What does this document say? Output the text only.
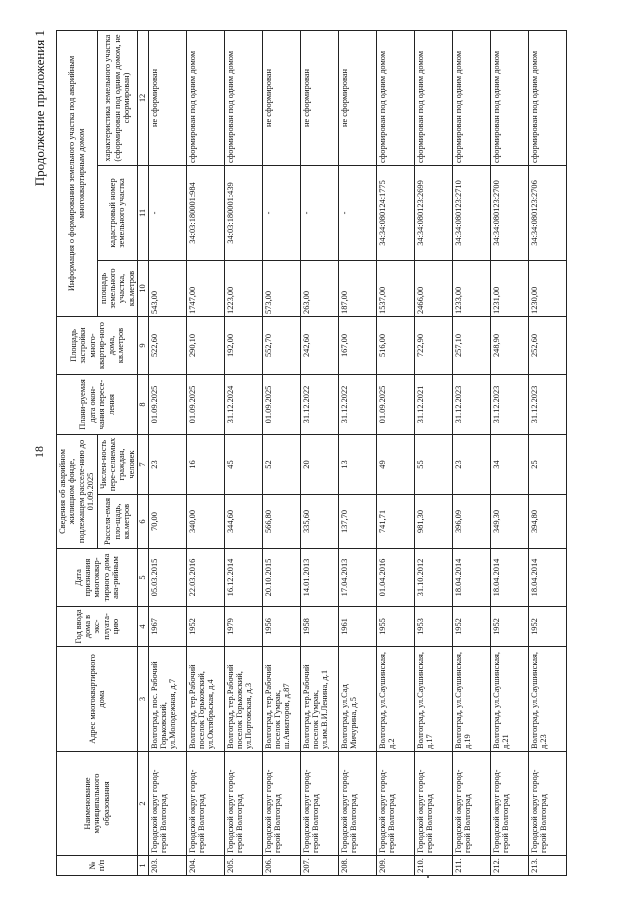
18
Продолжение приложения 1
№ п/п	Наименование муниципального образования	Адрес многоквартирного дома	Год ввода дома в экс-плуата-цию	Дата признания многоквар-тирного дома ава-рийным	Сведения об аварийном жилищном фонде, подлежащем расселе-нию до 01.09.2025		Плани-руемая дата окон-чания пересе-ления	Площадь застройки много-квартир-ного дома, кв.метров	Информация о формировании земельного участка под аварийным многоквартирным домом		
					Расселя-емая пло-щадь, кв.метров	Числен-ность пере-селяемых граждан, человек			площадь земельного участка, кв.метров	кадастровый номер земельного участка	характеристика земельного участка (сформирован под одним домом, не сформирован)
1	2	3	4	5	6	7	8	9	10	11	12
203.	Городской округ город-герой Волгоград	Волгоград, пос. Рабочий Горьковский, ул.Молодежная, д.7	1967	05.03.2015	70,00	23	01.09.2025	522,60	543,00	-	не сформирован
204.	Городской округ город-герой Волгоград	Волгоград, тер.Рабочий поселок Горьковский, ул.Октябрьская, д.4	1952	22.03.2016	340,00	16	01.09.2025	290,10	1747,00	34:03:180001:984	сформирован под одним домом
205.	Городской округ город-герой Волгоград	Волгоград, тер.Рабочий поселок Горьковский, ул.Портовская, д.3	1979	16.12.2014	344,60	45	31.12.2024	192,00	1223,00	34:03:180001:439	сформирован под одним домом
206.	Городской округ город-герой Волгоград	Волгоград, тер.Рабочий поселок Гумрак, ш.Авиаторов, д.87	1956	20.10.2015	566,80	52	01.09.2025	552,70	573,00	-	не сформирован
207.	Городской округ город-герой Волгоград	Волгоград, тер.Рабочий поселок Гумрак, ул.им.В.И.Ленина, д.1	1958	14.01.2013	335,60	20	31.12.2022	242,60	263,00	-	не сформирован
208.	Городской округ город-герой Волгоград	Волгоград, ул.Сад Мичурина, д.5	1961	17.04.2013	137,70	13	31.12.2022	167,00	187,00	-	не сформирован
209.	Городской округ город-герой Волгоград	Волгоград, ул.Саушинская, д.2	1955	01.04.2016	741,71	49	01.09.2025	516,00	1537,00	34:34:080124:1775	сформирован под одним домом
210.	Городской округ город-герой Волгоград	Волгоград, ул.Саушинская, д.17	1953	31.10.2012	981,30	55	31.12.2021	722,90	2466,00	34:34:080123:2699	сформирован под одним домом
211.	Городской округ город-герой Волгоград	Волгоград, ул.Саушинская, д.19	1952	18.04.2014	396,09	23	31.12.2023	257,10	1233,00	34:34:080123:2710	сформирован под одним домом
212.	Городской округ город-герой Волгоград	Волгоград, ул.Саушинская, д.21	1952	18.04.2014	349,30	34	31.12.2023	248,90	1231,00	34:34:080123:2700	сформирован под одним домом
213.	Городской округ город-герой Волгоград	Волгоград, ул.Саушинская, д.23	1952	18.04.2014	394,80	25	31.12.2023	252,60	1230,00	34:34:080123:2706	сформирован под одним домом
